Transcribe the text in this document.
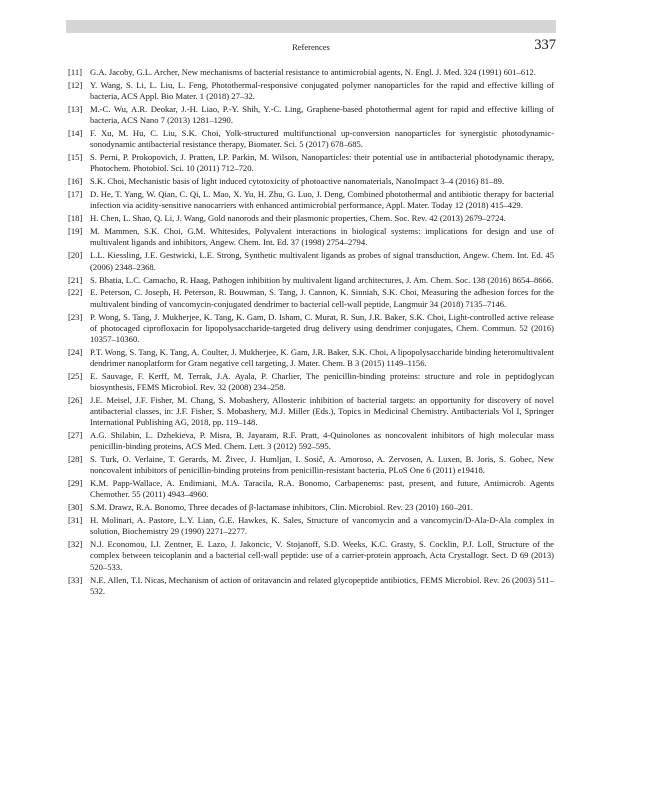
References	337
[11] G.A. Jacoby, G.L. Archer, New mechanisms of bacterial resistance to antimicrobial agents, N. Engl. J. Med. 324 (1991) 601–612.
[12] Y. Wang, S. Li, L. Liu, L. Feng, Photothermal-responsive conjugated polymer nanoparticles for the rapid and effective killing of bacteria, ACS Appl. Bio Mater. 1 (2018) 27–32.
[13] M.-C. Wu, A.R. Deokar, J.-H. Liao, P.-Y. Shih, Y.-C. Ling, Graphene-based photothermal agent for rapid and effective killing of bacteria, ACS Nano 7 (2013) 1281–1290.
[14] F. Xu, M. Hu, C. Liu, S.K. Choi, Yolk-structured multifunctional up-conversion nanoparticles for synergistic photodynamic-sonodynamic antibacterial resistance therapy, Biomater. Sci. 5 (2017) 678–685.
[15] S. Perni, P. Prokopovich, J. Pratten, I.P. Parkin, M. Wilson, Nanoparticles: their potential use in antibacterial photodynamic therapy, Photochem. Photobiol. Sci. 10 (2011) 712–720.
[16] S.K. Choi, Mechanistic basis of light induced cytotoxicity of photoactive nanomaterials, NanoImpact 3–4 (2016) 81–89.
[17] D. He, T. Yang, W. Qian, C. Qi, L. Mao, X. Yu, H. Zhu, G. Luo, J. Deng, Combined photothermal and antibiotic therapy for bacterial infection via acidity-sensitive nanocarriers with enhanced antimicrobial performance, Appl. Mater. Today 12 (2018) 415–429.
[18] H. Chen, L. Shao, Q. Li, J. Wang, Gold nanorods and their plasmonic properties, Chem. Soc. Rev. 42 (2013) 2679–2724.
[19] M. Mammen, S.K. Choi, G.M. Whitesides, Polyvalent interactions in biological systems: implications for design and use of multivalent ligands and inhibitors, Angew. Chem. Int. Ed. 37 (1998) 2754–2794.
[20] L.L. Kiessling, J.E. Gestwicki, L.E. Strong, Synthetic multivalent ligands as probes of signal transduction, Angew. Chem. Int. Ed. 45 (2006) 2348–2368.
[21] S. Bhatia, L.C. Camacho, R. Haag, Pathogen inhibition by multivalent ligand architectures, J. Am. Chem. Soc. 138 (2016) 8654–8666.
[22] E. Peterson, C. Joseph, H. Peterson, R. Bouwman, S. Tang, J. Cannon, K. Sinniah, S.K. Choi, Measuring the adhesion forces for the multivalent binding of vancomycin-conjugated dendrimer to bacterial cell-wall peptide, Langmuir 34 (2018) 7135–7146.
[23] P. Wong, S. Tang, J. Mukherjee, K. Tang, K. Gam, D. Isham, C. Murat, R. Sun, J.R. Baker, S.K. Choi, Light-controlled active release of photocaged ciprofloxacin for lipopolysaccharide-targeted drug delivery using dendrimer conjugates, Chem. Commun. 52 (2016) 10357–10360.
[24] P.T. Wong, S. Tang, K. Tang, A. Coulter, J. Mukherjee, K. Gam, J.R. Baker, S.K. Choi, A lipopolysaccharide binding heteromultivalent dendrimer nanoplatform for Gram negative cell targeting, J. Mater. Chem. B 3 (2015) 1149–1156.
[25] E. Sauvage, F. Kerff, M. Terrak, J.A. Ayala, P. Charlier, The penicillin-binding proteins: structure and role in peptidoglycan biosynthesis, FEMS Microbiol. Rev. 32 (2008) 234–258.
[26] J.E. Meisel, J.F. Fisher, M. Chang, S. Mobashery, Allosteric inhibition of bacterial targets: an opportunity for discovery of novel antibacterial classes, in: J.F. Fisher, S. Mobashery, M.J. Miller (Eds.), Topics in Medicinal Chemistry. Antibacterials Vol I, Springer International Publishing AG, 2018, pp. 119–148.
[27] A.G. Shilabin, L. Dzhekieva, P. Misra, B. Jayaram, R.F. Pratt, 4-Quinolones as noncovalent inhibitors of high molecular mass penicillin-binding proteins, ACS Med. Chem. Lett. 3 (2012) 592–595.
[28] S. Turk, O. Verlaine, T. Gerards, M. Živec, J. Humljan, I. Sosič, A. Amoroso, A. Zervosen, A. Luxen, B. Joris, S. Gobec, New noncovalent inhibitors of penicillin-binding proteins from penicillin-resistant bacteria, PLoS One 6 (2011) e19418.
[29] K.M. Papp-Wallace, A. Endimiani, M.A. Taracila, R.A. Bonomo, Carbapenems: past, present, and future, Antimicrob. Agents Chemother. 55 (2011) 4943–4960.
[30] S.M. Drawz, R.A. Bonomo, Three decades of β-lactamase inhibitors, Clin. Microbiol. Rev. 23 (2010) 160–201.
[31] H. Molinari, A. Pastore, L.Y. Lian, G.E. Hawkes, K. Sales, Structure of vancomycin and a vancomycin/D-Ala-D-Ala complex in solution, Biochemistry 29 (1990) 2271–2277.
[32] N.J. Economou, I.J. Zentner, E. Lazo, J. Jakoncic, V. Stojanoff, S.D. Weeks, K.C. Grasty, S. Cocklin, P.J. Loll, Structure of the complex between teicoplanin and a bacterial cell-wall peptide: use of a carrier-protein approach, Acta Crystallogr. Sect. D 69 (2013) 520–533.
[33] N.E. Allen, T.I. Nicas, Mechanism of action of oritavancin and related glycopeptide antibiotics, FEMS Microbiol. Rev. 26 (2003) 511–532.
